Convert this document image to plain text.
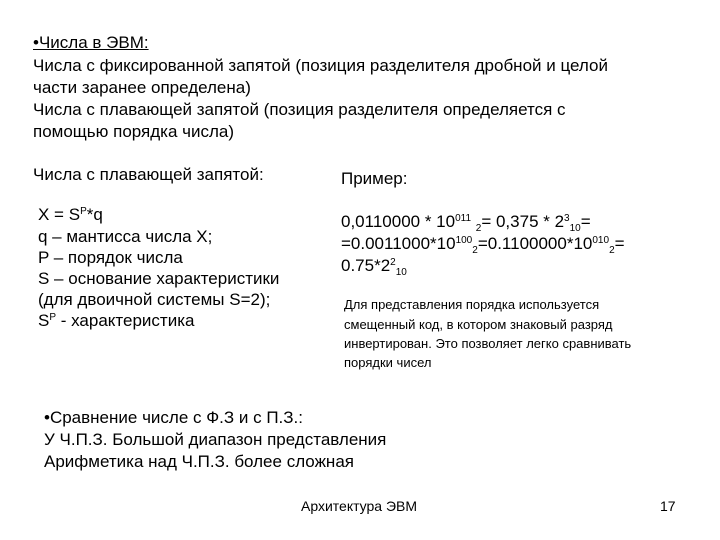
•Числа в ЭВМ:
Числа с фиксированной запятой (позиция разделителя дробной и целой
части заранее определена)
Числа с плавающей запятой (позиция разделителя определяется с
помощью порядка числа)
Числа с плавающей запятой:
$X = S^P*q$
q – мантисса числа X;
P – порядок числа
S – основание характеристики
(для двоичной системы S=2);
$S^P$ - характеристика
Пример:
$0,0110000 * 10^{011}$ $_2= 0,375 * 2^3_{10}=$
$=0.0011000*10^{100}_2=0.1100000*10^{010}_2=$
$0.75*2^2_{10}$
Для представления порядка используется
смещенный код, в котором знаковый разряд
инвертирован. Это позволяет легко сравнивать
порядки чисел
•Сравнение числе с Ф.З и с П.З.:
У Ч.П.З. Большой диапазон представления
Арифметика над Ч.П.З. более сложная
Архитектура ЭВМ	17
